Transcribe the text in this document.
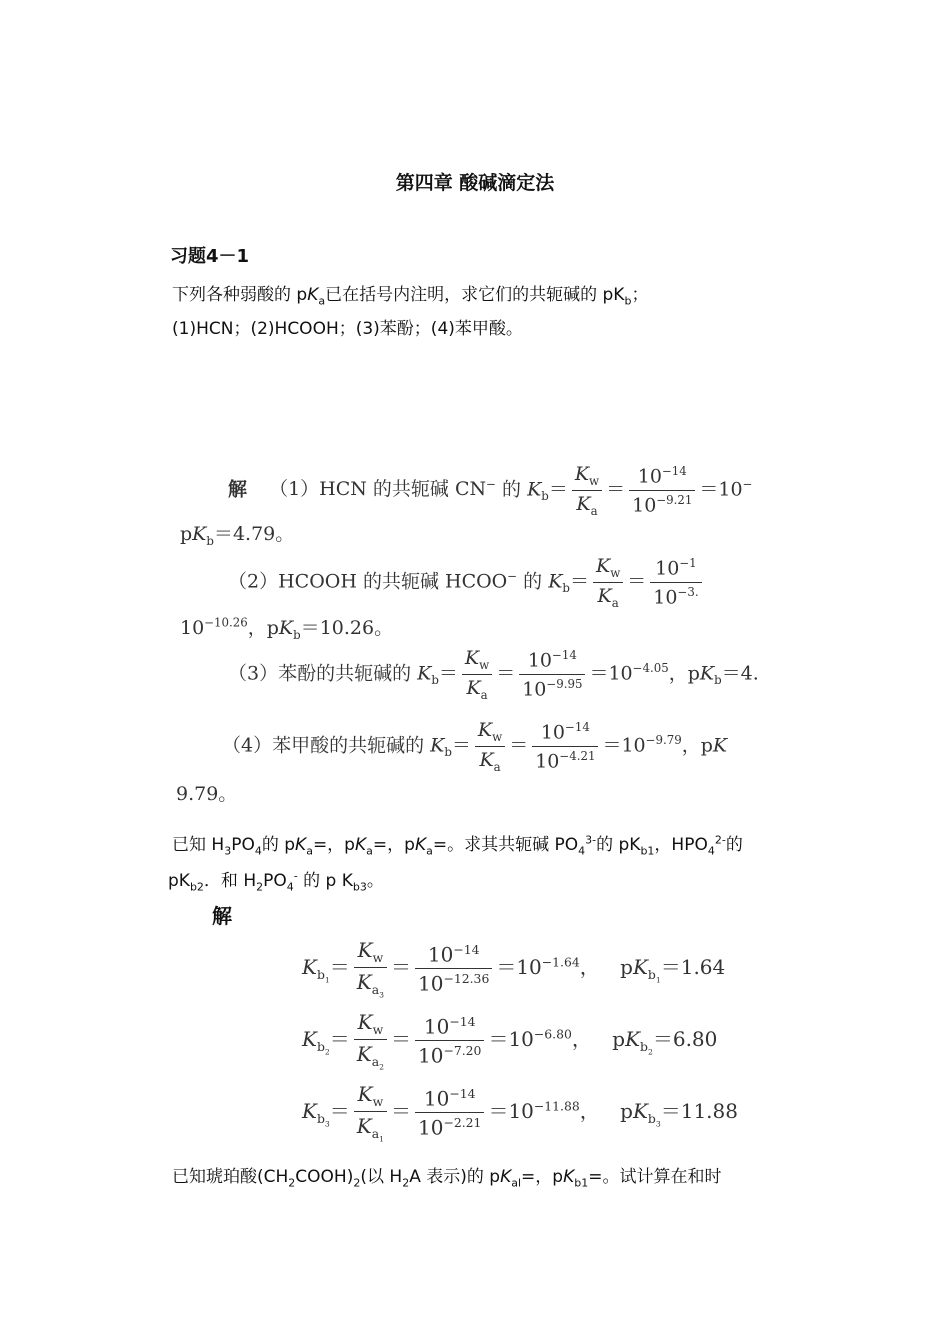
第四章 酸碱滴定法
习题4－1
下列各种弱酸的 $pK_a$已在括号内注明，求它们的共轭碱的 $pK_b$；
(1)HCN；(2)HCOOH；(3)苯酚；(4)苯甲酸。
解 （1）HCN 的共轭碱 CN− 的 $K_b= \frac{K_w}{K_a} = \frac{10^{-14}}{10^{-9.21}} =10^-$
$pK_b=4.79$。
（2）HCOOH 的共轭碱 HCOO− 的 $K_b= \frac{K_w}{K_a} = \frac{10^{-1}}{10^{-3.}}$
$10^{-10.26}$，$pK_b=10.26$。
（3）苯酚的共轭碱的 $K_b= \frac{K_w}{K_a} = \frac{10^{-14}}{10^{-9.95}} =10^{-4.05}$，$pK_b=4$.
（4）苯甲酸的共轭碱的 $K_b= \frac{K_w}{K_a} = \frac{10^{-14}}{10^{-4.21}} =10^{-9.79}$，pK
9.79。
已知 $H_3PO_4$的 $pK_a=$，$pK_a=$，$pK_a=$。求其共轭碱 $PO_4^{3-}$的 $pK_{b1}$，$HPO_4^{2-}$的
$pK_{b2}$．和 $H_2PO_4^-$ 的 p $K_{b3}$。
解
$K_{b_1}= \frac{K_w}{K_{a_3}} = \frac{10^{-14}}{10^{-12.36}} =10^{-1.64}$， $pK_{b_1}=1.64$
$K_{b_2}= \frac{K_w}{K_{a_2}} = \frac{10^{-14}}{10^{-7.20}} =10^{-6.80}$， $pK_{b_2}=6.80$
$K_{b_3}= \frac{K_w}{K_{a_1}} = \frac{10^{-14}}{10^{-2.21}} =10^{-11.88}$， $pK_{b_3}=11.88$
已知琥珀酸$(CH_2COOH)_2$(以 $H_2A$ 表示)的 $pK_{al}=$，$pK_{b1}=$。试计算在和时
